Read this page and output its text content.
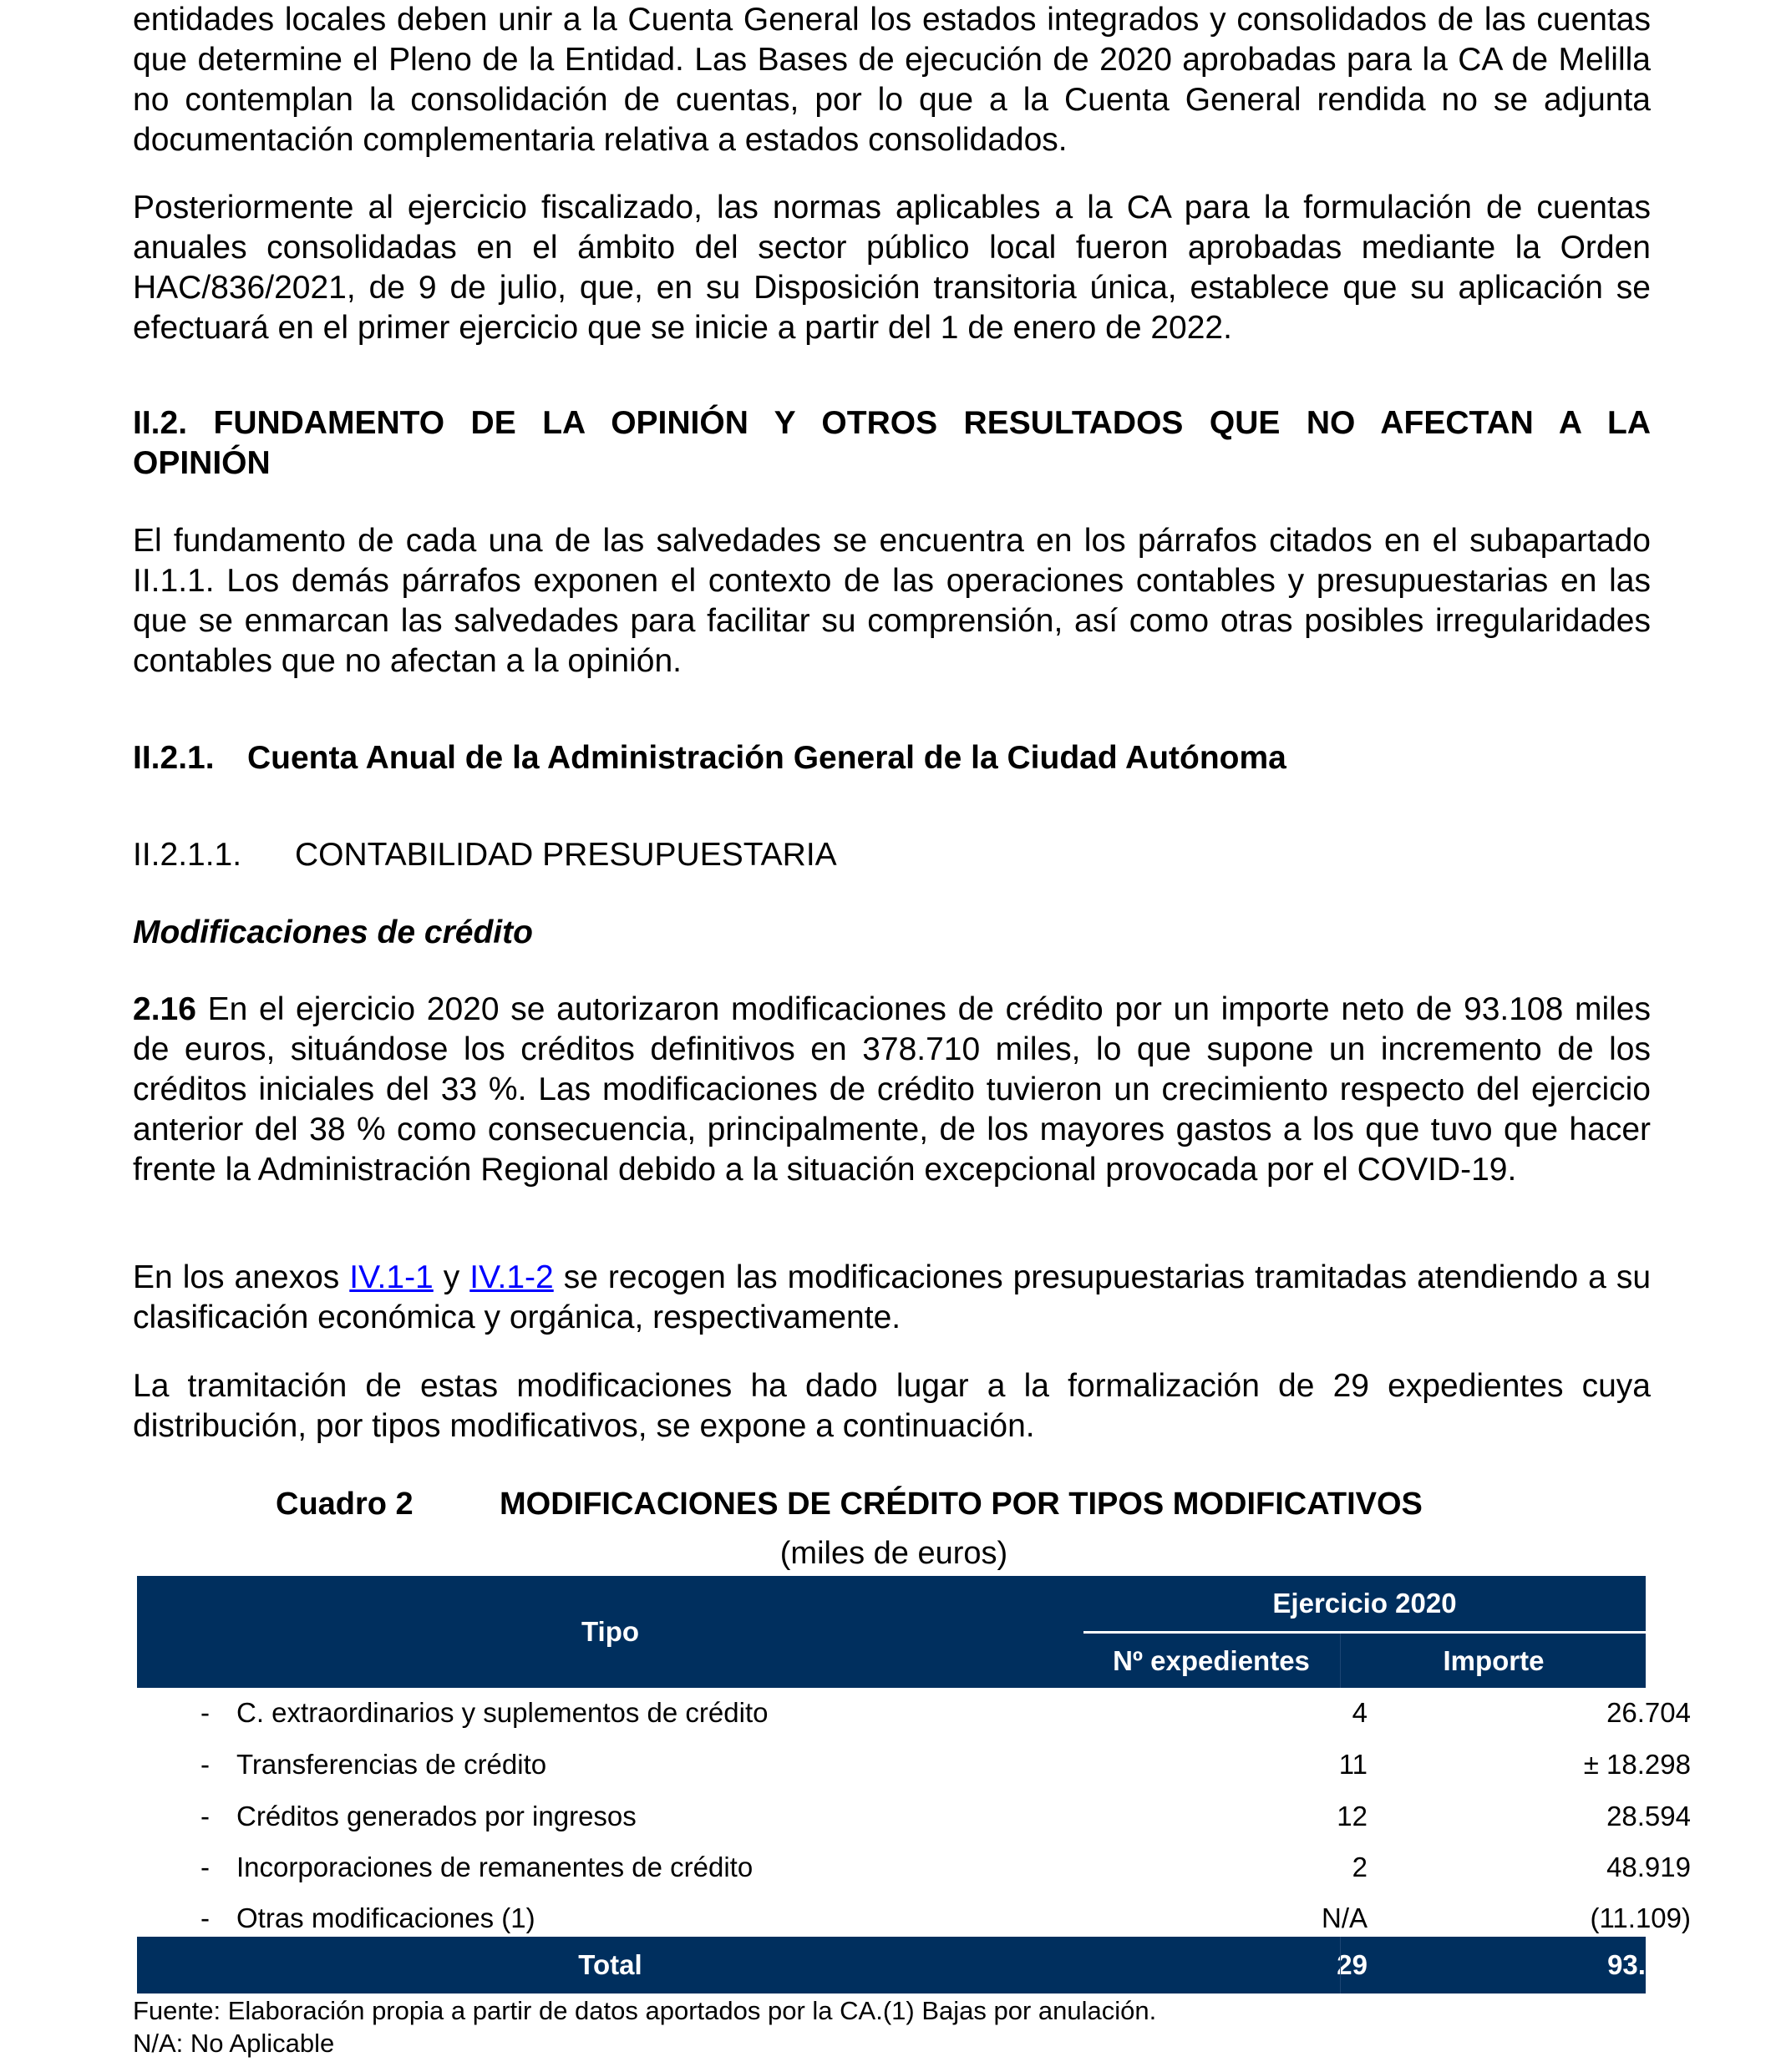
entidades locales deben unir a la Cuenta General los estados integrados y consolidados de las cuentas que determine el Pleno de la Entidad. Las Bases de ejecución de 2020 aprobadas para la CA de Melilla no contemplan la consolidación de cuentas, por lo que a la Cuenta General rendida no se adjunta documentación complementaria relativa a estados consolidados.

Posteriormente al ejercicio fiscalizado, las normas aplicables a la CA para la formulación de cuentas anuales consolidadas en el ámbito del sector público local fueron aprobadas mediante la Orden HAC/836/2021, de 9 de julio, que, en su Disposición transitoria única, establece que su aplicación se efectuará en el primer ejercicio que se inicie a partir del 1 de enero de 2022.

II.2. FUNDAMENTO DE LA OPINIÓN Y OTROS RESULTADOS QUE NO AFECTAN A LA OPINIÓN

El fundamento de cada una de las salvedades se encuentra en los párrafos citados en el subapartado II.1.1. Los demás párrafos exponen el contexto de las operaciones contables y presupuestarias en las que se enmarcan las salvedades para facilitar su comprensión, así como otras posibles irregularidades contables que no afectan a la opinión.

II.2.1. Cuenta Anual de la Administración General de la Ciudad Autónoma

II.2.1.1. CONTABILIDAD PRESUPUESTARIA

Modificaciones de crédito

2.16 En el ejercicio 2020 se autorizaron modificaciones de crédito por un importe neto de 93.108 miles de euros, situándose los créditos definitivos en 378.710 miles, lo que supone un incremento de los créditos iniciales del 33 %. Las modificaciones de crédito tuvieron un crecimiento respecto del ejercicio anterior del 38 % como consecuencia, principalmente, de los mayores gastos a los que tuvo que hacer frente la Administración Regional debido a la situación excepcional provocada por el COVID-19.

En los anexos IV.1-1 y IV.1-2 se recogen las modificaciones presupuestarias tramitadas atendiendo a su clasificación económica y orgánica, respectivamente.

La tramitación de estas modificaciones ha dado lugar a la formalización de 29 expedientes cuya distribución, por tipos modificativos, se expone a continuación.

Cuadro 2	MODIFICACIONES DE CRÉDITO POR TIPOS MODIFICATIVOS
(miles de euros)
Tipo
Ejercicio 2020
Nº expedientes	Importe
- C. extraordinarios y suplementos de crédito	4	26.704
- Transferencias de crédito	11	± 18.298
- Créditos generados por ingresos	12	28.594
- Incorporaciones de remanentes de crédito	2	48.919
- Otras modificaciones (1)	N/A	(11.109)
Total	29	93.108
Fuente: Elaboración propia a partir de datos aportados por la CA.(1) Bajas por anulación.
N/A: No Aplicable
